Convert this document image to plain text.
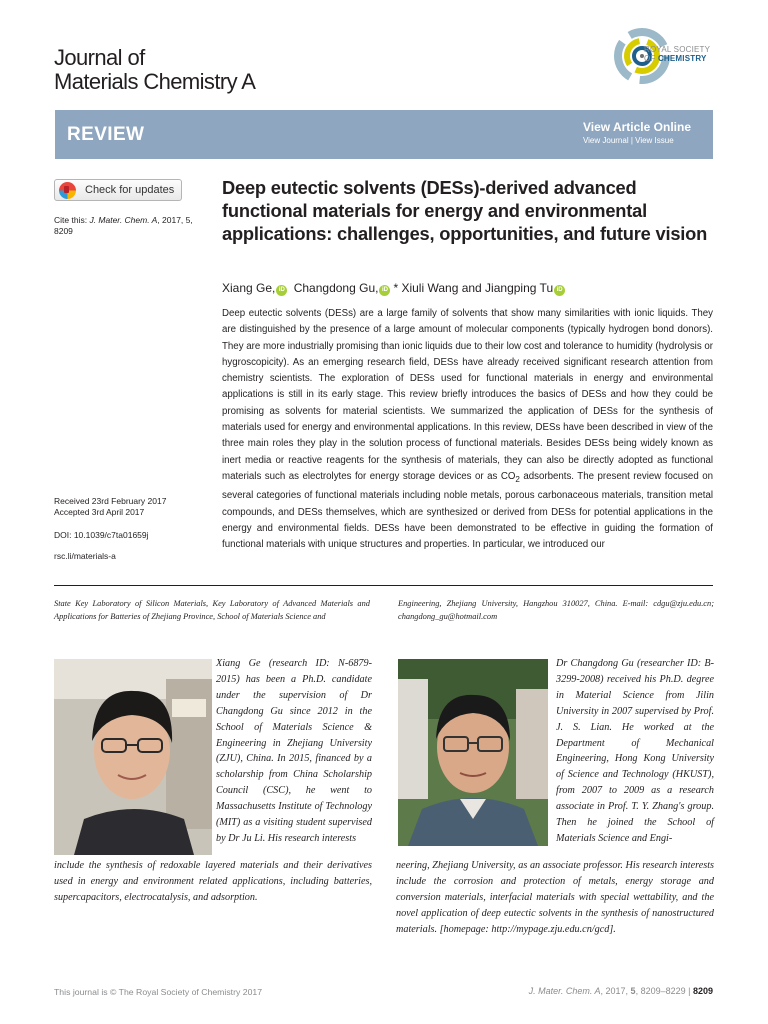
Journal of
Materials Chemistry A
ROYAL SOCIETY
OF CHEMISTRY
REVIEW	View Article Online
View Journal | View Issue
Check for updates
Cite this: J. Mater. Chem. A, 2017, 5,
8209
Deep eutectic solvents (DESs)-derived advanced functional materials for energy and environmental applications: challenges, opportunities, and future vision
Xiang Ge, iD Changdong Gu, iD * Xiuli Wang and Jiangping Tu iD
Deep eutectic solvents (DESs) are a large family of solvents that show many similarities with ionic liquids. They are distinguished by the presence of a large amount of molecular components (typically hydrogen bond donors). They are more industrially promising than ionic liquids due to their low cost and tolerance to humidity (hydrolysis or hygroscopicity). As an emerging research field, DESs have already received significant research attention from chemistry scientists. The exploration of DESs used for functional materials in energy and environmental applications is still in its early stage. This review briefly introduces the basics of DESs and how they could be promising as solvents for material scientists. We summarized the application of DESs for the synthesis of materials used for energy and environmental applications. In this review, DESs have been described in view of the three main roles they play in the solution process of functional materials. Besides DESs being widely known as inert media or reactive reagents for the synthesis of materials, they can also be directly adopted as functional materials such as electrolytes for energy storage devices or as $CO_2$ adsorbents. The present review focused on several categories of functional materials including noble metals, porous carbonaceous materials, transition metal compounds, and DESs themselves, which are synthesized or derived from DESs for potential applications in the energy and environmental fields. DESs have been demonstrated to be effective in guiding the formation of functional materials with unique structures and properties. In particular, we introduced our
Received 23rd February 2017
Accepted 3rd April 2017
DOI: 10.1039/c7ta01659j
rsc.li/materials-a
State Key Laboratory of Silicon Materials, Key Laboratory of Advanced Materials and Applications for Batteries of Zhejiang Province, School of Materials Science and
Engineering, Zhejiang University, Hangzhou 310027, China. E-mail: cdgu@zju.edu.cn; changdong_gu@hotmail.com
Xiang Ge (research ID: N-6879-2015) has been a Ph.D. candidate under the supervision of Dr Changdong Gu since 2012 in the School of Materials Science & Engineering in Zhejiang University (ZJU), China. In 2015, financed by a scholarship from China Scholarship Council (CSC), he went to Massachusetts Institute of Technology (MIT) as a visiting student supervised by Dr Ju Li. His research interests
include the synthesis of redoxable layered materials and their derivatives used in energy and environment related applications, including batteries, supercapacitors, electrocatalysis, and adsorption.
Dr Changdong Gu (researcher ID: B-3299-2008) received his Ph.D. degree in Material Science from Jilin University in 2007 supervised by Prof. J. S. Lian. He worked at the Department of Mechanical Engineering, Hong Kong University of Science and Technology (HKUST), from 2007 to 2009 as a research associate in Prof. T. Y. Zhang's group. Then he joined the School of Materials Science and Engi-
neering, Zhejiang University, as an associate professor. His research interests include the corrosion and protection of metals, energy storage and conversion materials, interfacial materials with special wettability, and the novel application of deep eutectic solvents in the synthesis of nanostructured materials. [homepage: http://mypage.zju.edu.cn/gcd].
This journal is © The Royal Society of Chemistry 2017	J. Mater. Chem. A, 2017, 5, 8209–8229 | 8209
